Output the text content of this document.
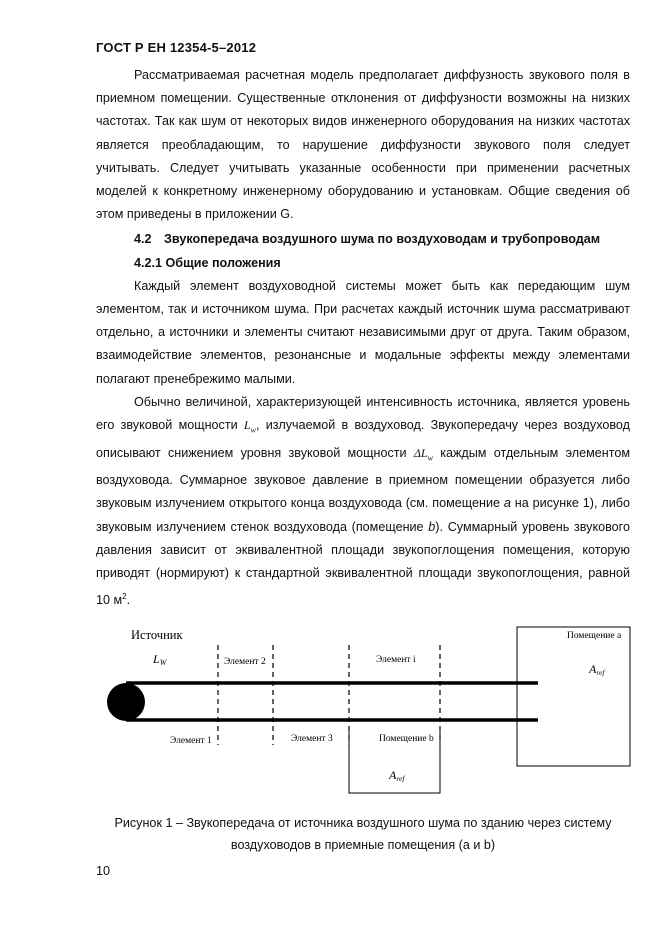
ГОСТ Р ЕН 12354-5–2012

Рассматриваемая расчетная модель предполагает диффузность звукового поля в приемном помещении. Существенные отклонения от диффузности возможны на низких частотах. Так как шум от некоторых видов инженерного оборудования на низких частотах является преобладающим, то нарушение диффузности звукового поля следует учитывать. Следует учитывать указанные особенности при применении расчетных моделей к конкретному инженерному оборудованию и установкам. Общие сведения об этом приведены в приложении G.

4.2 Звукопередача воздушного шума по воздуховодам и трубопроводам

4.2.1 Общие положения

Каждый элемент воздуховодной системы может быть как передающим шум элементом, так и источником шума. При расчетах каждый источник шума рассматривают отдельно, а источники и элементы считают независимыми друг от друга. Таким образом, взаимодействие элементов, резонансные и модальные эффекты между элементами полагают пренебрежимо малыми.

Обычно величиной, характеризующей интенсивность источника, является уровень его звуковой мощности $L_w$, излучаемой в воздуховод. Звукопередачу через воздуховод описывают снижением уровня звуковой мощности $\Delta L_w$ каждым отдельным элементом воздуховода. Суммарное звуковое давление в приемном помещении образуется либо звуковым излучением открытого конца воздуховода (см. помещение a на рисунке 1), либо звуковым излучением стенок воздуховода (помещение b). Суммарный уровень звукового давления зависит от эквивалентной площади звукопоглощения помещения, которую приводят (нормируют) к стандартной эквивалентной площади звукопоглощения, равной 10 $м^2$.

Источник
LW	Элемент 2	Элемент i
Помещение a
Aref
Элемент 1	Элемент 3	Помещение b
Aref
Рисунок 1 – Звукопередача от источника воздушного шума по зданию через систему
воздуховодов в приемные помещения (a и b)
10
